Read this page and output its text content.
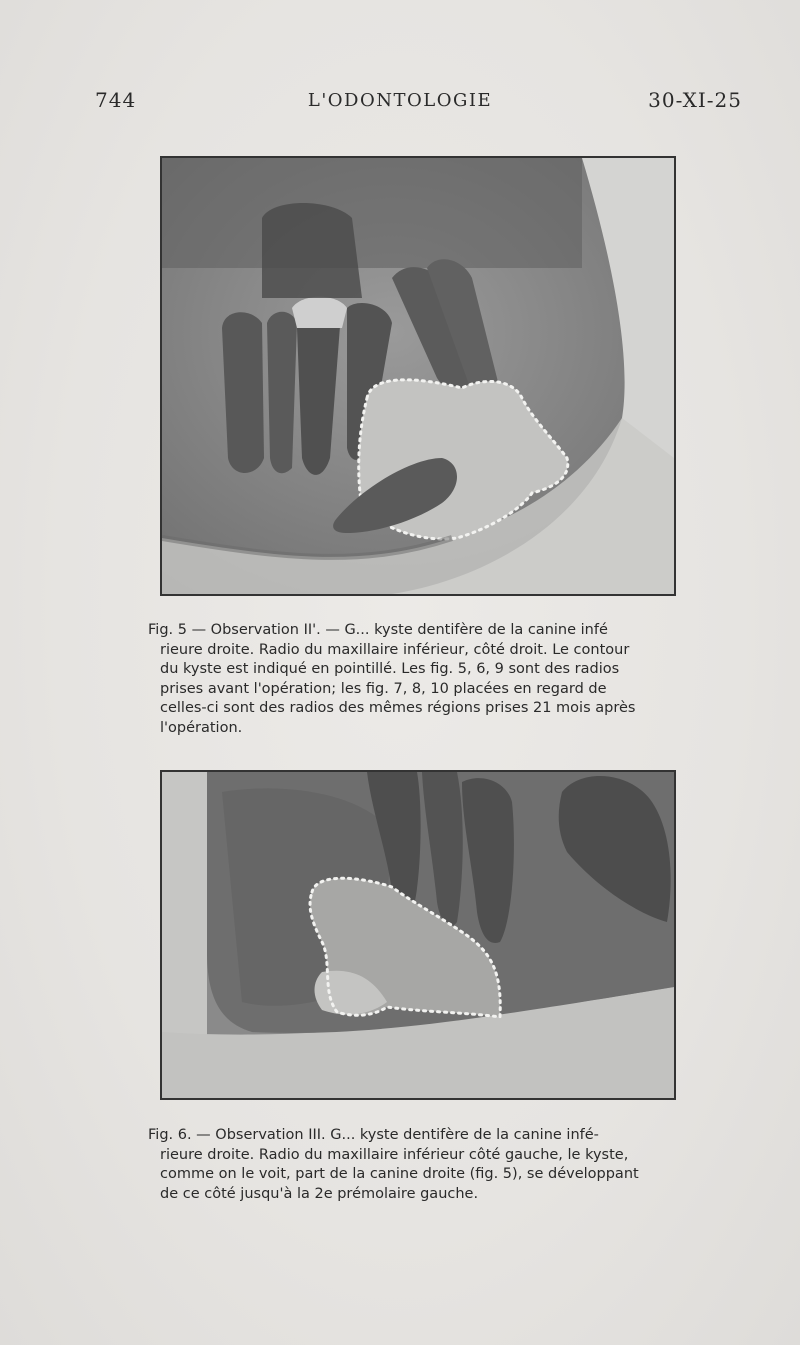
744	L'ODONTOLOGIE	30-XI-25

Fig. 5 — Observation II'. — G... kyste dentifère de la canine infé

rieure droite. Radio du maxillaire inférieur, côté droit. Le contour

du kyste est indiqué en pointillé. Les fig. 5, 6, 9 sont des radios

prises avant l'opération; les fig. 7, 8, 10 placées en regard de

celles-ci sont des radios des mêmes régions prises 21 mois après

l'opération.

Fig. 6. — Observation III. G... kyste dentifère de la canine infé-

rieure droite. Radio du maxillaire inférieur côté gauche, le kyste,

comme on le voit, part de la canine droite (fig. 5), se développant

de ce côté jusqu'à la 2e prémolaire gauche.
